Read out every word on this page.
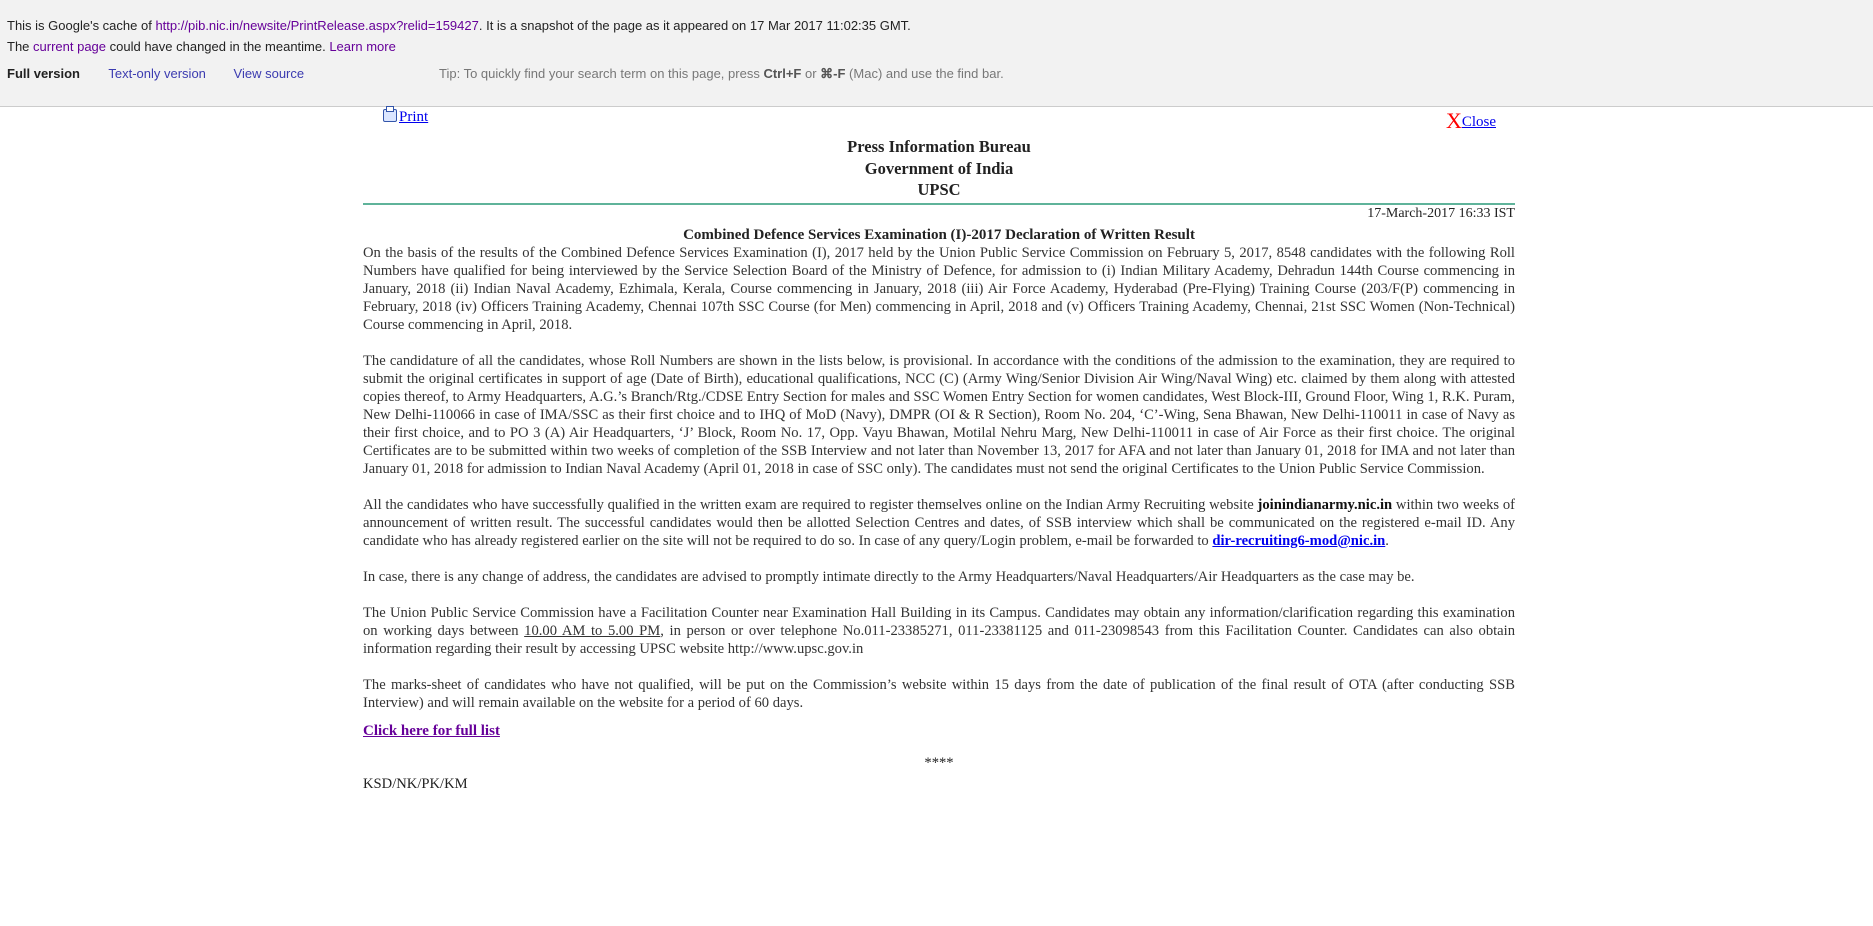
This is Google's cache of http://pib.nic.in/newsite/PrintRelease.aspx?relid=159427. It is a snapshot of the page as it appeared on 17 Mar 2017 11:02:35 GMT.
The current page could have changed in the meantime. Learn more
Full version Text-only version View source	Tip: To quickly find your search term on this page, press Ctrl+F or ⌘-F (Mac) and use the find bar.
Print	XClose
Press Information Bureau
Government of India
UPSC
17-March-2017 16:33 IST
Combined Defence Services Examination (I)-2017 Declaration of Written Result

On the basis of the results of the Combined Defence Services Examination (I), 2017 held by the Union Public Service Commission on February 5, 2017, 8548 candidates with the following Roll Numbers have qualified for being interviewed by the Service Selection Board of the Ministry of Defence, for admission to (i) Indian Military Academy, Dehradun 144th Course commencing in January, 2018 (ii) Indian Naval Academy, Ezhimala, Kerala, Course commencing in January, 2018 (iii) Air Force Academy, Hyderabad (Pre-Flying) Training Course (203/F(P) commencing in February, 2018 (iv) Officers Training Academy, Chennai 107th SSC Course (for Men) commencing in April, 2018 and (v) Officers Training Academy, Chennai, 21st SSC Women (Non-Technical) Course commencing in April, 2018.

The candidature of all the candidates, whose Roll Numbers are shown in the lists below, is provisional. In accordance with the conditions of the admission to the examination, they are required to submit the original certificates in support of age (Date of Birth), educational qualifications, NCC (C) (Army Wing/Senior Division Air Wing/Naval Wing) etc. claimed by them along with attested copies thereof, to Army Headquarters, A.G.’s Branch/Rtg./CDSE Entry Section for males and SSC Women Entry Section for women candidates, West Block-III, Ground Floor, Wing 1, R.K. Puram, New Delhi-110066 in case of IMA/SSC as their first choice and to IHQ of MoD (Navy), DMPR (OI & R Section), Room No. 204, ‘C’-Wing, Sena Bhawan, New Delhi-110011 in case of Navy as their first choice, and to PO 3 (A) Air Headquarters, ‘J’ Block, Room No. 17, Opp. Vayu Bhawan, Motilal Nehru Marg, New Delhi-110011 in case of Air Force as their first choice. The original Certificates are to be submitted within two weeks of completion of the SSB Interview and not later than November 13, 2017 for AFA and not later than January 01, 2018 for IMA and not later than January 01, 2018 for admission to Indian Naval Academy (April 01, 2018 in case of SSC only). The candidates must not send the original Certificates to the Union Public Service Commission.

All the candidates who have successfully qualified in the written exam are required to register themselves online on the Indian Army Recruiting website joinindianarmy.nic.in within two weeks of announcement of written result. The successful candidates would then be allotted Selection Centres and dates, of SSB interview which shall be communicated on the registered e-mail ID. Any candidate who has already registered earlier on the site will not be required to do so. In case of any query/Login problem, e-mail be forwarded to dir-recruiting6-mod@nic.in.

In case, there is any change of address, the candidates are advised to promptly intimate directly to the Army Headquarters/Naval Headquarters/Air Headquarters as the case may be.

The Union Public Service Commission have a Facilitation Counter near Examination Hall Building in its Campus. Candidates may obtain any information/clarification regarding this examination on working days between 10.00 AM to 5.00 PM, in person or over telephone No.011-23385271, 011-23381125 and 011-23098543 from this Facilitation Counter. Candidates can also obtain information regarding their result by accessing UPSC website http://www.upsc.gov.in

The marks-sheet of candidates who have not qualified, will be put on the Commission’s website within 15 days from the date of publication of the final result of OTA (after conducting SSB Interview) and will remain available on the website for a period of 60 days.

Click here for full list
****
KSD/NK/PK/KM
